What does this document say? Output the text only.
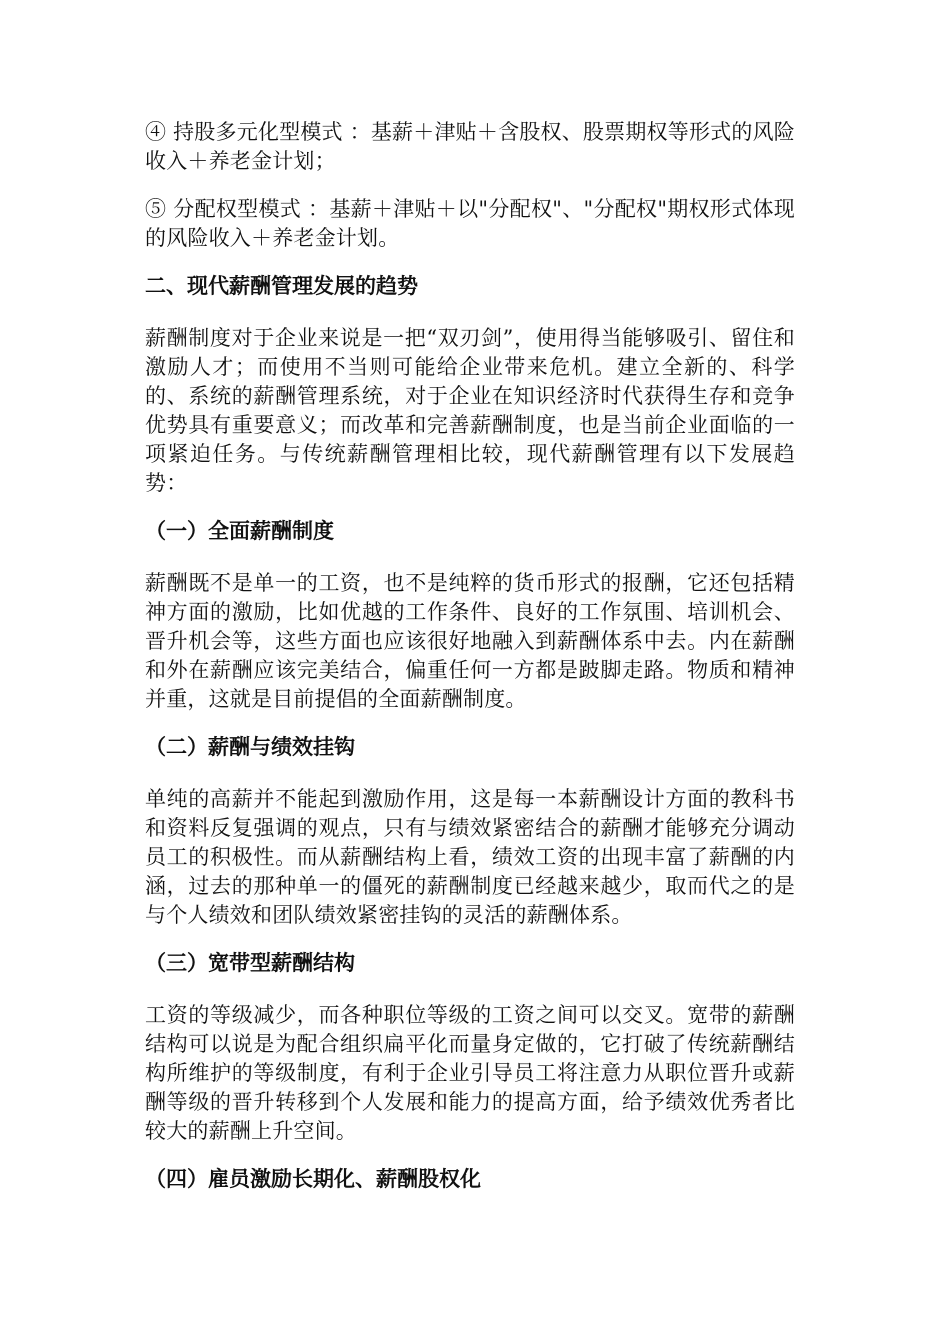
④ 持股多元化型模式 ：基薪＋津贴＋含股权、股票期权等形式的风险收入＋养老金计划；

⑤ 分配权型模式 ：基薪＋津贴＋以"分配权"、"分配权"期权形式体现的风险收入＋养老金计划。

二、现代薪酬管理发展的趋势

薪酬制度对于企业来说是一把“双刃剑”，使用得当能够吸引、留住和激励人才；而使用不当则可能给企业带来危机。建立全新的、科学的、系统的薪酬管理系统，对于企业在知识经济时代获得生存和竞争优势具有重要意义；而改革和完善薪酬制度，也是当前企业面临的一项紧迫任务。与传统薪酬管理相比较，现代薪酬管理有以下发展趋势：

（一）全面薪酬制度

薪酬既不是单一的工资，也不是纯粹的货币形式的报酬，它还包括精神方面的激励，比如优越的工作条件、良好的工作氛围、培训机会、晋升机会等，这些方面也应该很好地融入到薪酬体系中去。内在薪酬和外在薪酬应该完美结合，偏重任何一方都是跛脚走路。物质和精神并重，这就是目前提倡的全面薪酬制度。

（二）薪酬与绩效挂钩

单纯的高薪并不能起到激励作用，这是每一本薪酬设计方面的教科书和资料反复强调的观点，只有与绩效紧密结合的薪酬才能够充分调动员工的积极性。而从薪酬结构上看，绩效工资的出现丰富了薪酬的内涵，过去的那种单一的僵死的薪酬制度已经越来越少，取而代之的是与个人绩效和团队绩效紧密挂钩的灵活的薪酬体系。

（三）宽带型薪酬结构

工资的等级减少，而各种职位等级的工资之间可以交叉。宽带的薪酬结构可以说是为配合组织扁平化而量身定做的，它打破了传统薪酬结构所维护的等级制度，有利于企业引导员工将注意力从职位晋升或薪酬等级的晋升转移到个人发展和能力的提高方面，给予绩效优秀者比较大的薪酬上升空间。

（四）雇员激励长期化、薪酬股权化
